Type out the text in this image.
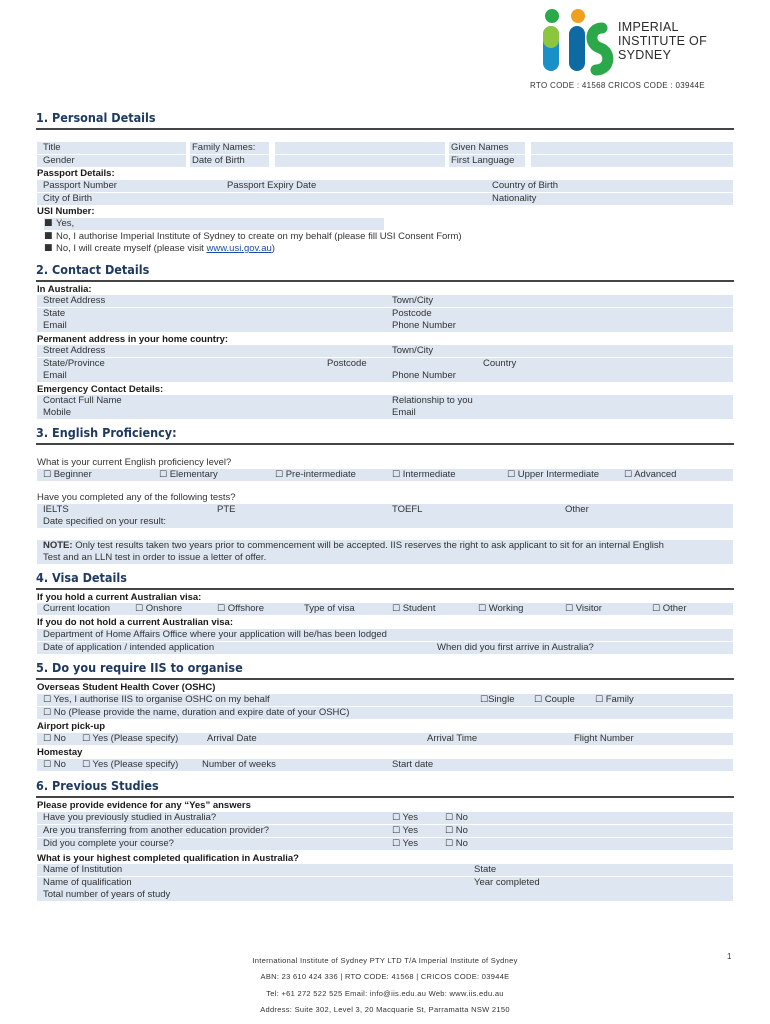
IMPERIAL
INSTITUTE OF
SYDNEY
RTO CODE : 41568 CRICOS CODE : 03944E
1. Personal Details
Title	Family Names:	Given Names
Gender	Date of Birth	First Language
Passport Details:
Passport Number	Passport Expiry Date	Country of Birth
City of Birth	Nationality
USI Number:
■ Yes,
■ No, I authorise Imperial Institute of Sydney to create on my behalf (please fill USI Consent Form)
■ No, I will create myself (please visit www.usi.gov.au)
2. Contact Details
In Australia:
Street Address	Town/City
State	Postcode
Email	Phone Number
Permanent address in your home country:
Street Address	Town/City
State/Province	Postcode	Country
Email	Phone Number
Emergency Contact Details:
Contact Full Name	Relationship to you
Mobile	Email
3. English Proficiency:
What is your current English proficiency level?
☐ Beginner	☐ Elementary	☐ Pre-intermediate	☐ Intermediate	☐ Upper Intermediate	☐ Advanced
Have you completed any of the following tests?
IELTS	PTE	TOEFL	Other
Date specified on your result:
NOTE: Only test results taken two years prior to commencement will be accepted. IIS reserves the right to ask applicant to sit for an internal English
Test and an LLN test in order to issue a letter of offer.
4. Visa Details
If you hold a current Australian visa:
Current location	☐ Onshore	☐ Offshore	Type of visa	☐ Student	☐ Working	☐ Visitor	☐ Other
If you do not hold a current Australian visa:
Department of Home Affairs Office where your application will be/has been lodged
Date of application / intended application	When did you first arrive in Australia?
5. Do you require IIS to organise
Overseas Student Health Cover (OSHC)
☐ Yes, I authorise IIS to organise OSHC on my behalf	☐Single ☐ Couple ☐ Family
☐ No (Please provide the name, duration and expire date of your OSHC)
Airport pick-up
☐ No ☐ Yes (Please specify)	Arrival Date	Arrival Time	Flight Number
Homestay
☐ No ☐ Yes (Please specify) Number of weeks	Start date
6. Previous Studies
Please provide evidence for any “Yes” answers
Have you previously studied in Australia?	☐ Yes	☐ No
Are you transferring from another education provider?	☐ Yes	☐ No
Did you complete your course?	☐ Yes	☐ No
What is your highest completed qualification in Australia?
Name of Institution	State
Name of qualification	Year completed
Total number of years of study
1
International Institute of Sydney PTY LTD T/A Imperial Institute of Sydney
ABN: 23 610 424 336 | RTO CODE: 41568 | CRICOS CODE: 03944E
Tel: +61 272 522 525 Email: info@iis.edu.au Web: www.iis.edu.au
Address: Suite 302, Level 3, 20 Macquarie St, Parramatta NSW 2150
